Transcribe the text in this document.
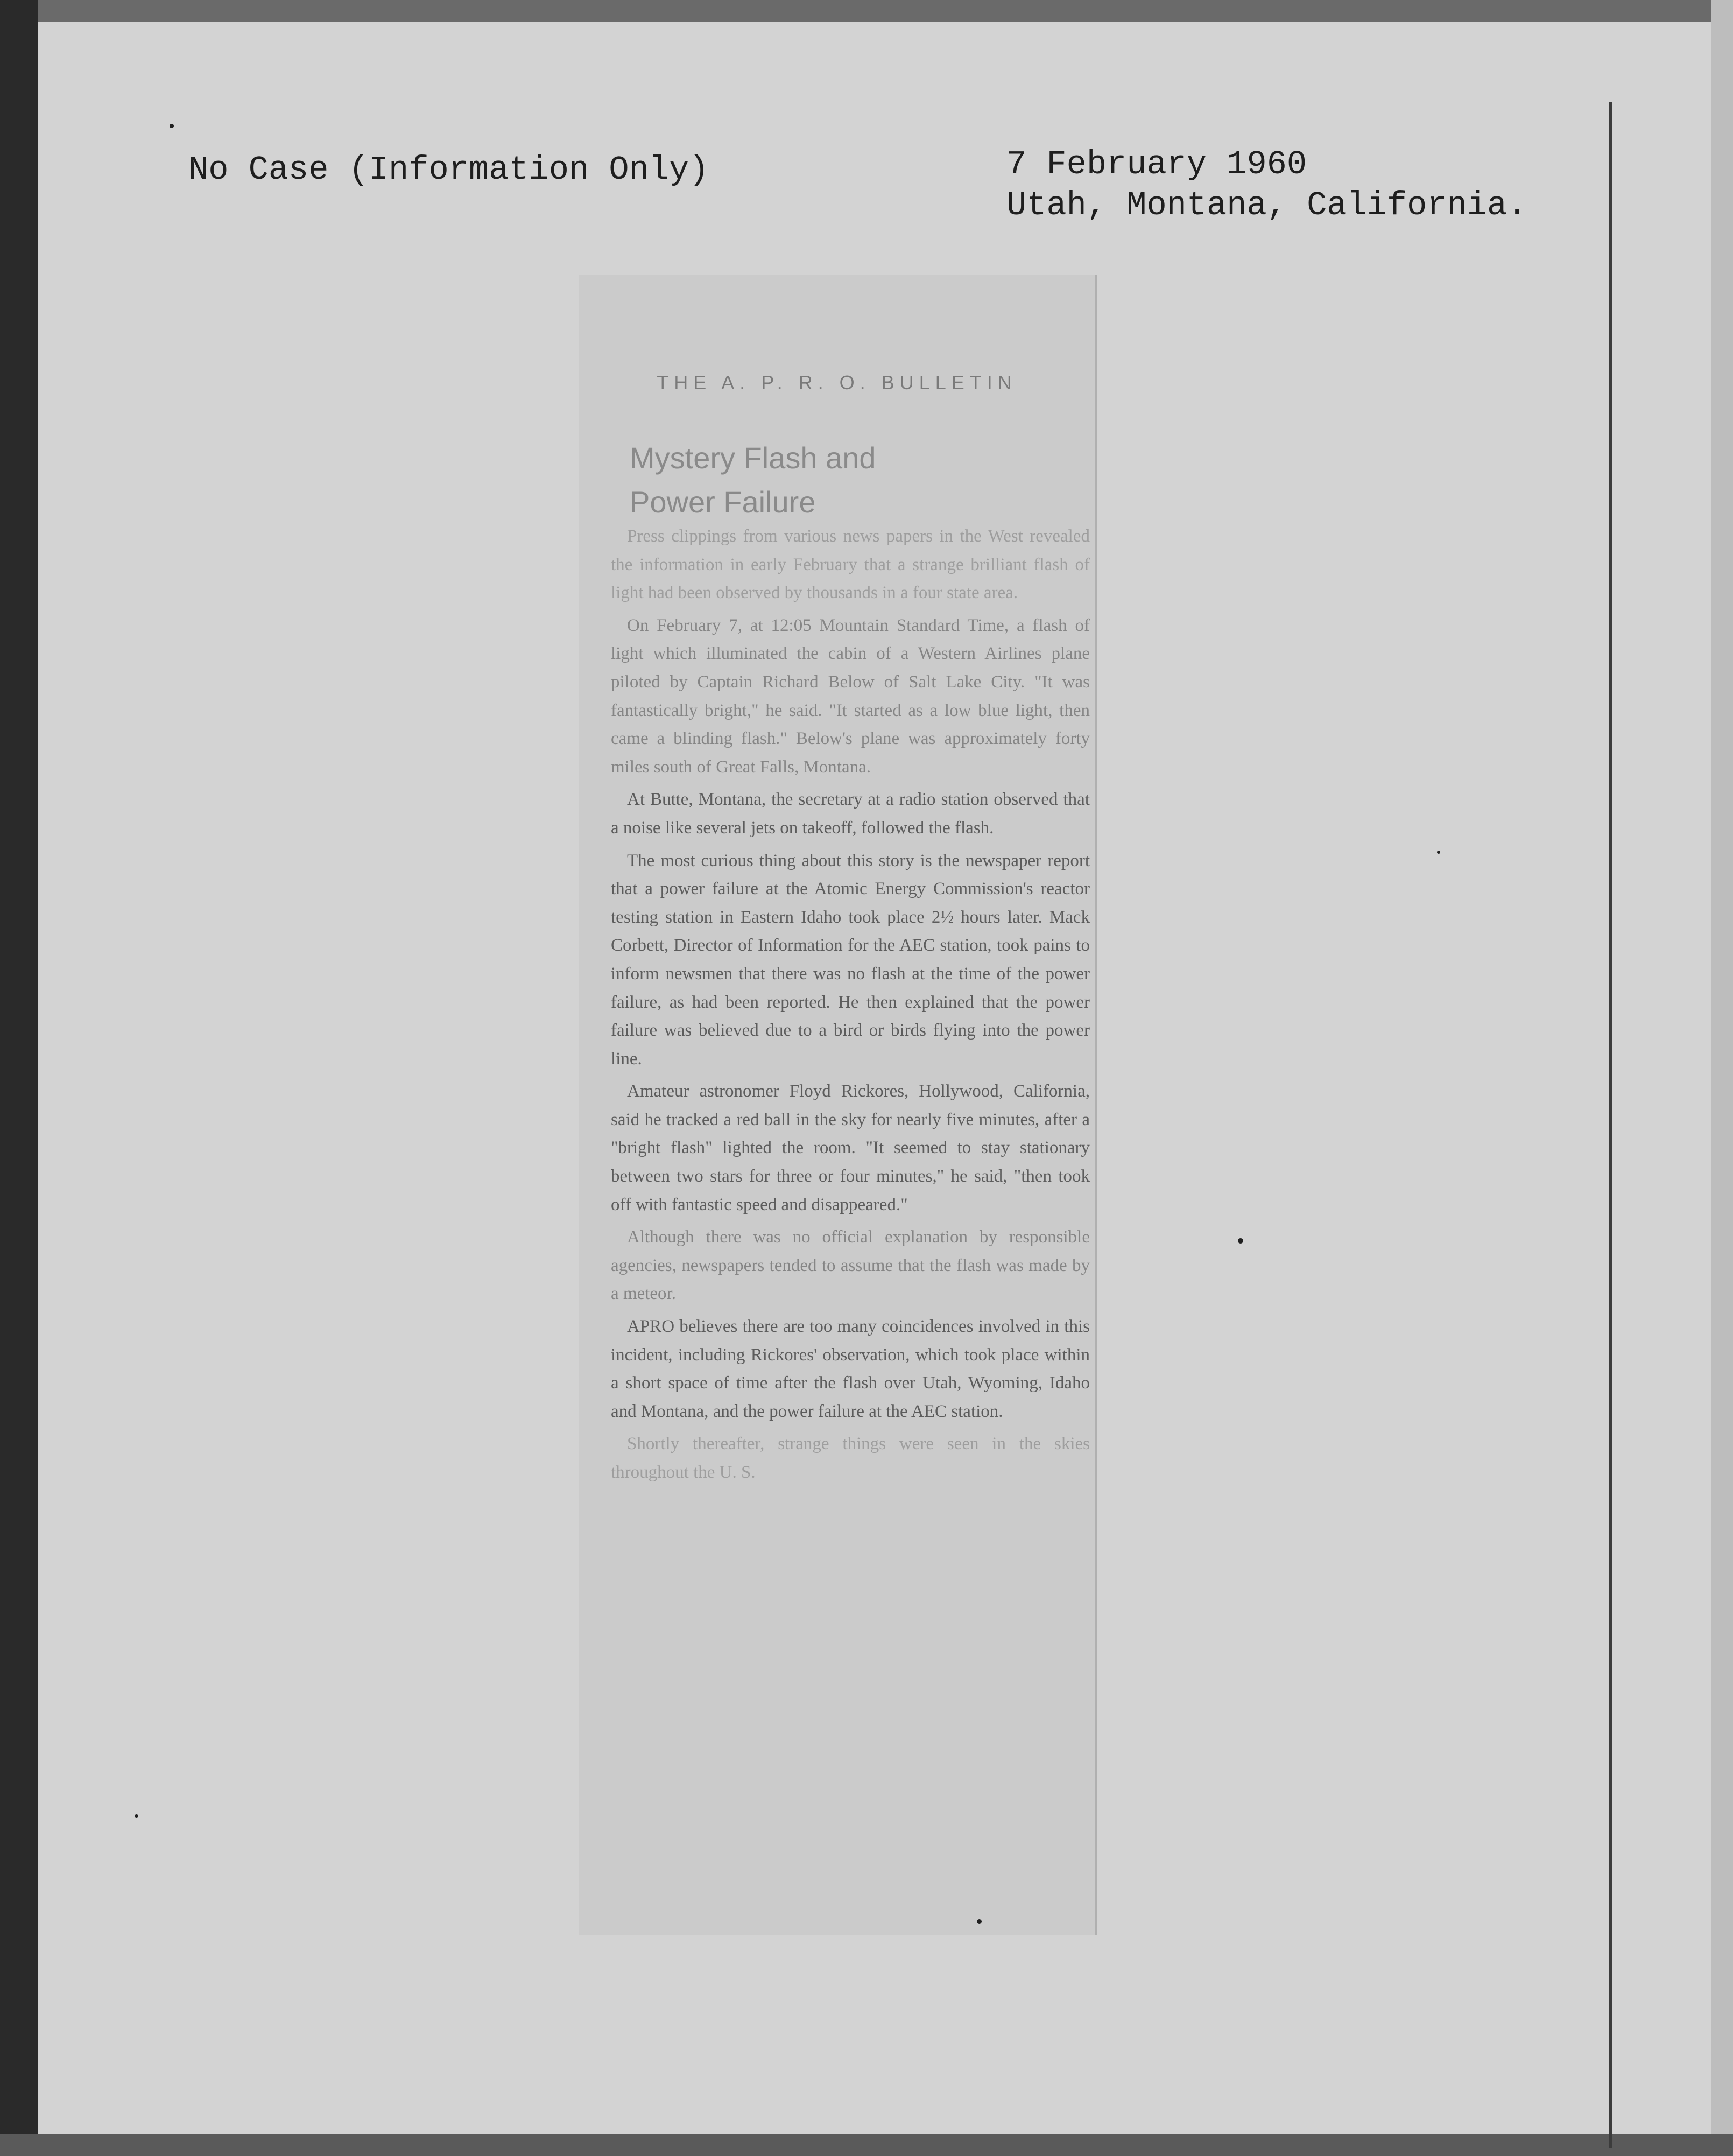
No Case (Information Only)	7 February 1960
Utah, Montana, California.
THE A. P. R. O. BULLETIN
Mystery Flash and
Power Failure

Press clippings from various news papers in the West revealed the information in early February that a strange brilliant flash of light had been observed by thousands in a four state area.

On February 7, at 12:05 Mountain Standard Time, a flash of light which illuminated the cabin of a Western Airlines plane piloted by Captain Richard Below of Salt Lake City. "It was fantastically bright," he said. "It started as a low blue light, then came a blinding flash." Below's plane was approximately forty miles south of Great Falls, Montana.

At Butte, Montana, the secretary at a radio station observed that a noise like several jets on takeoff, followed the flash.

The most curious thing about this story is the newspaper report that a power failure at the Atomic Energy Commission's reactor testing station in Eastern Idaho took place 2½ hours later. Mack Corbett, Director of Information for the AEC station, took pains to inform newsmen that there was no flash at the time of the power failure, as had been reported. He then explained that the power failure was believed due to a bird or birds flying into the power line.

Amateur astronomer Floyd Rickores, Hollywood, California, said he tracked a red ball in the sky for nearly five minutes, after a "bright flash" lighted the room. "It seemed to stay stationary between two stars for three or four minutes," he said, "then took off with fantastic speed and disappeared."

Although there was no official explanation by responsible agencies, newspapers tended to assume that the flash was made by a meteor.

APRO believes there are too many coincidences involved in this incident, including Rickores' observation, which took place within a short space of time after the flash over Utah, Wyoming, Idaho and Montana, and the power failure at the AEC station.

Shortly thereafter, strange things were seen in the skies throughout the U. S.
